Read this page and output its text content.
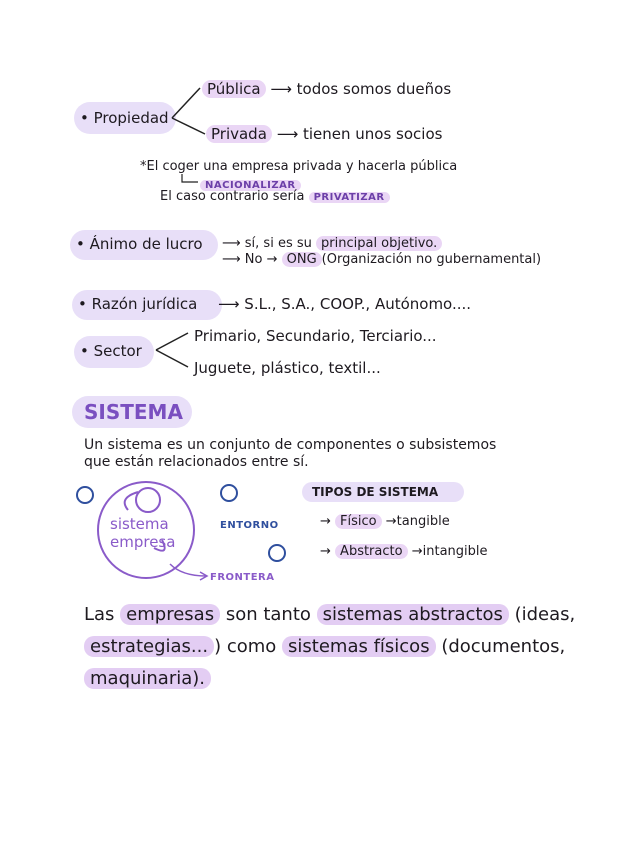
• Propiedad
Pública ⟶ todos somos dueños
Privada ⟶ tienen unos socios
*El coger una empresa privada y hacerla pública
NACIONALIZAR
El caso contrario sería PRIVATIZAR
• Ánimo de lucro ⟶ sí, si es su principal objetivo.
⟶ No → ONG (Organización no gubernamental)
• Razón jurídica ⟶ S.L., S.A., COOP., Autónomo....
• Sector
Primario, Secundario, Terciario...
Juguete, plástico, textil...
SISTEMA
Un sistema es un conjunto de componentes o subsistemos
que están relacionados entre sí.
sistema
empresa
ENTORNO
FRONTERA
TIPOS DE SISTEMA
→ Físico →tangible
→ Abstracto →intangible
Las empresas son tanto sistemas abstractos (ideas,
estrategias... ) como sistemas físicos (documentos,
maquinaria).
